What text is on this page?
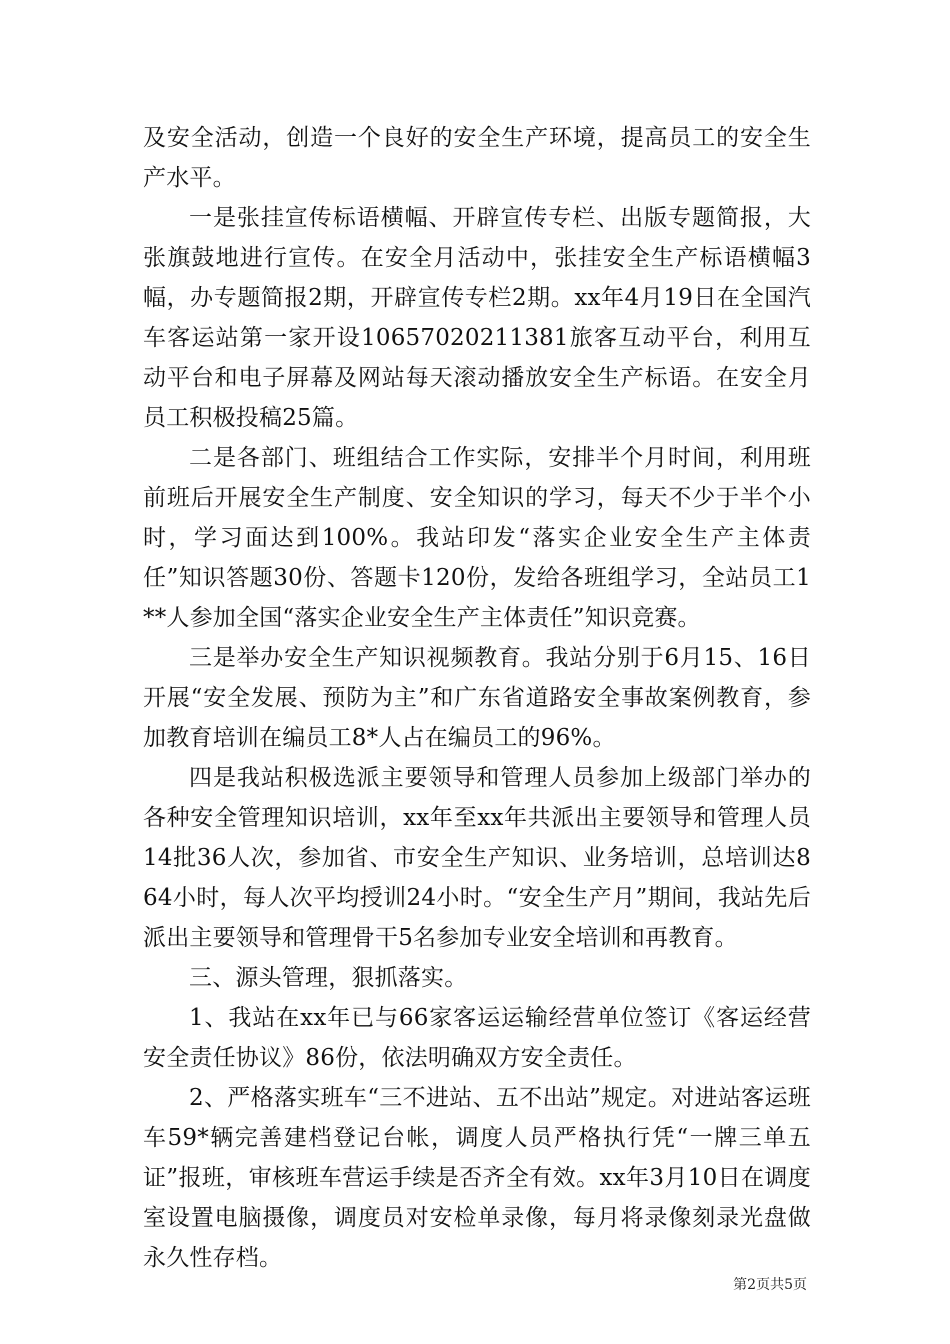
及安全活动，创造一个良好的安全生产环境，提高员工的安全生产水平。

一是张挂宣传标语横幅、开辟宣传专栏、出版专题简报，大张旗鼓地进行宣传。在安全月活动中，张挂安全生产标语横幅3幅，办专题简报2期，开辟宣传专栏2期。xx年4月19日在全国汽车客运站第一家开设10657020211381旅客互动平台，利用互动平台和电子屏幕及网站每天滚动播放安全生产标语。在安全月员工积极投稿25篇。

二是各部门、班组结合工作实际，安排半个月时间，利用班前班后开展安全生产制度、安全知识的学习，每天不少于半个小时，学习面达到100%。我站印发“落实企业安全生产主体责任”知识答题30份、答题卡120份，发给各班组学习，全站员工1**人参加全国“落实企业安全生产主体责任”知识竞赛。

三是举办安全生产知识视频教育。我站分别于6月15、16日开展“安全发展、预防为主”和广东省道路安全事故案例教育，参加教育培训在编员工8*人占在编员工的96%。

四是我站积极选派主要领导和管理人员参加上级部门举办的各种安全管理知识培训，xx年至xx年共派出主要领导和管理人员14批36人次，参加省、市安全生产知识、业务培训，总培训达864小时，每人次平均授训24小时。“安全生产月”期间，我站先后派出主要领导和管理骨干5名参加专业安全培训和再教育。

三、源头管理，狠抓落实。

1、我站在xx年已与66家客运运输经营单位签订《客运经营安全责任协议》86份，依法明确双方安全责任。

2、严格落实班车“三不进站、五不出站”规定。对进站客运班车59*辆完善建档登记台帐，调度人员严格执行凭“一牌三单五证”报班，审核班车营运手续是否齐全有效。xx年3月10日在调度室设置电脑摄像，调度员对安检单录像，每月将录像刻录光盘做永久性存档。

第2页共5页
